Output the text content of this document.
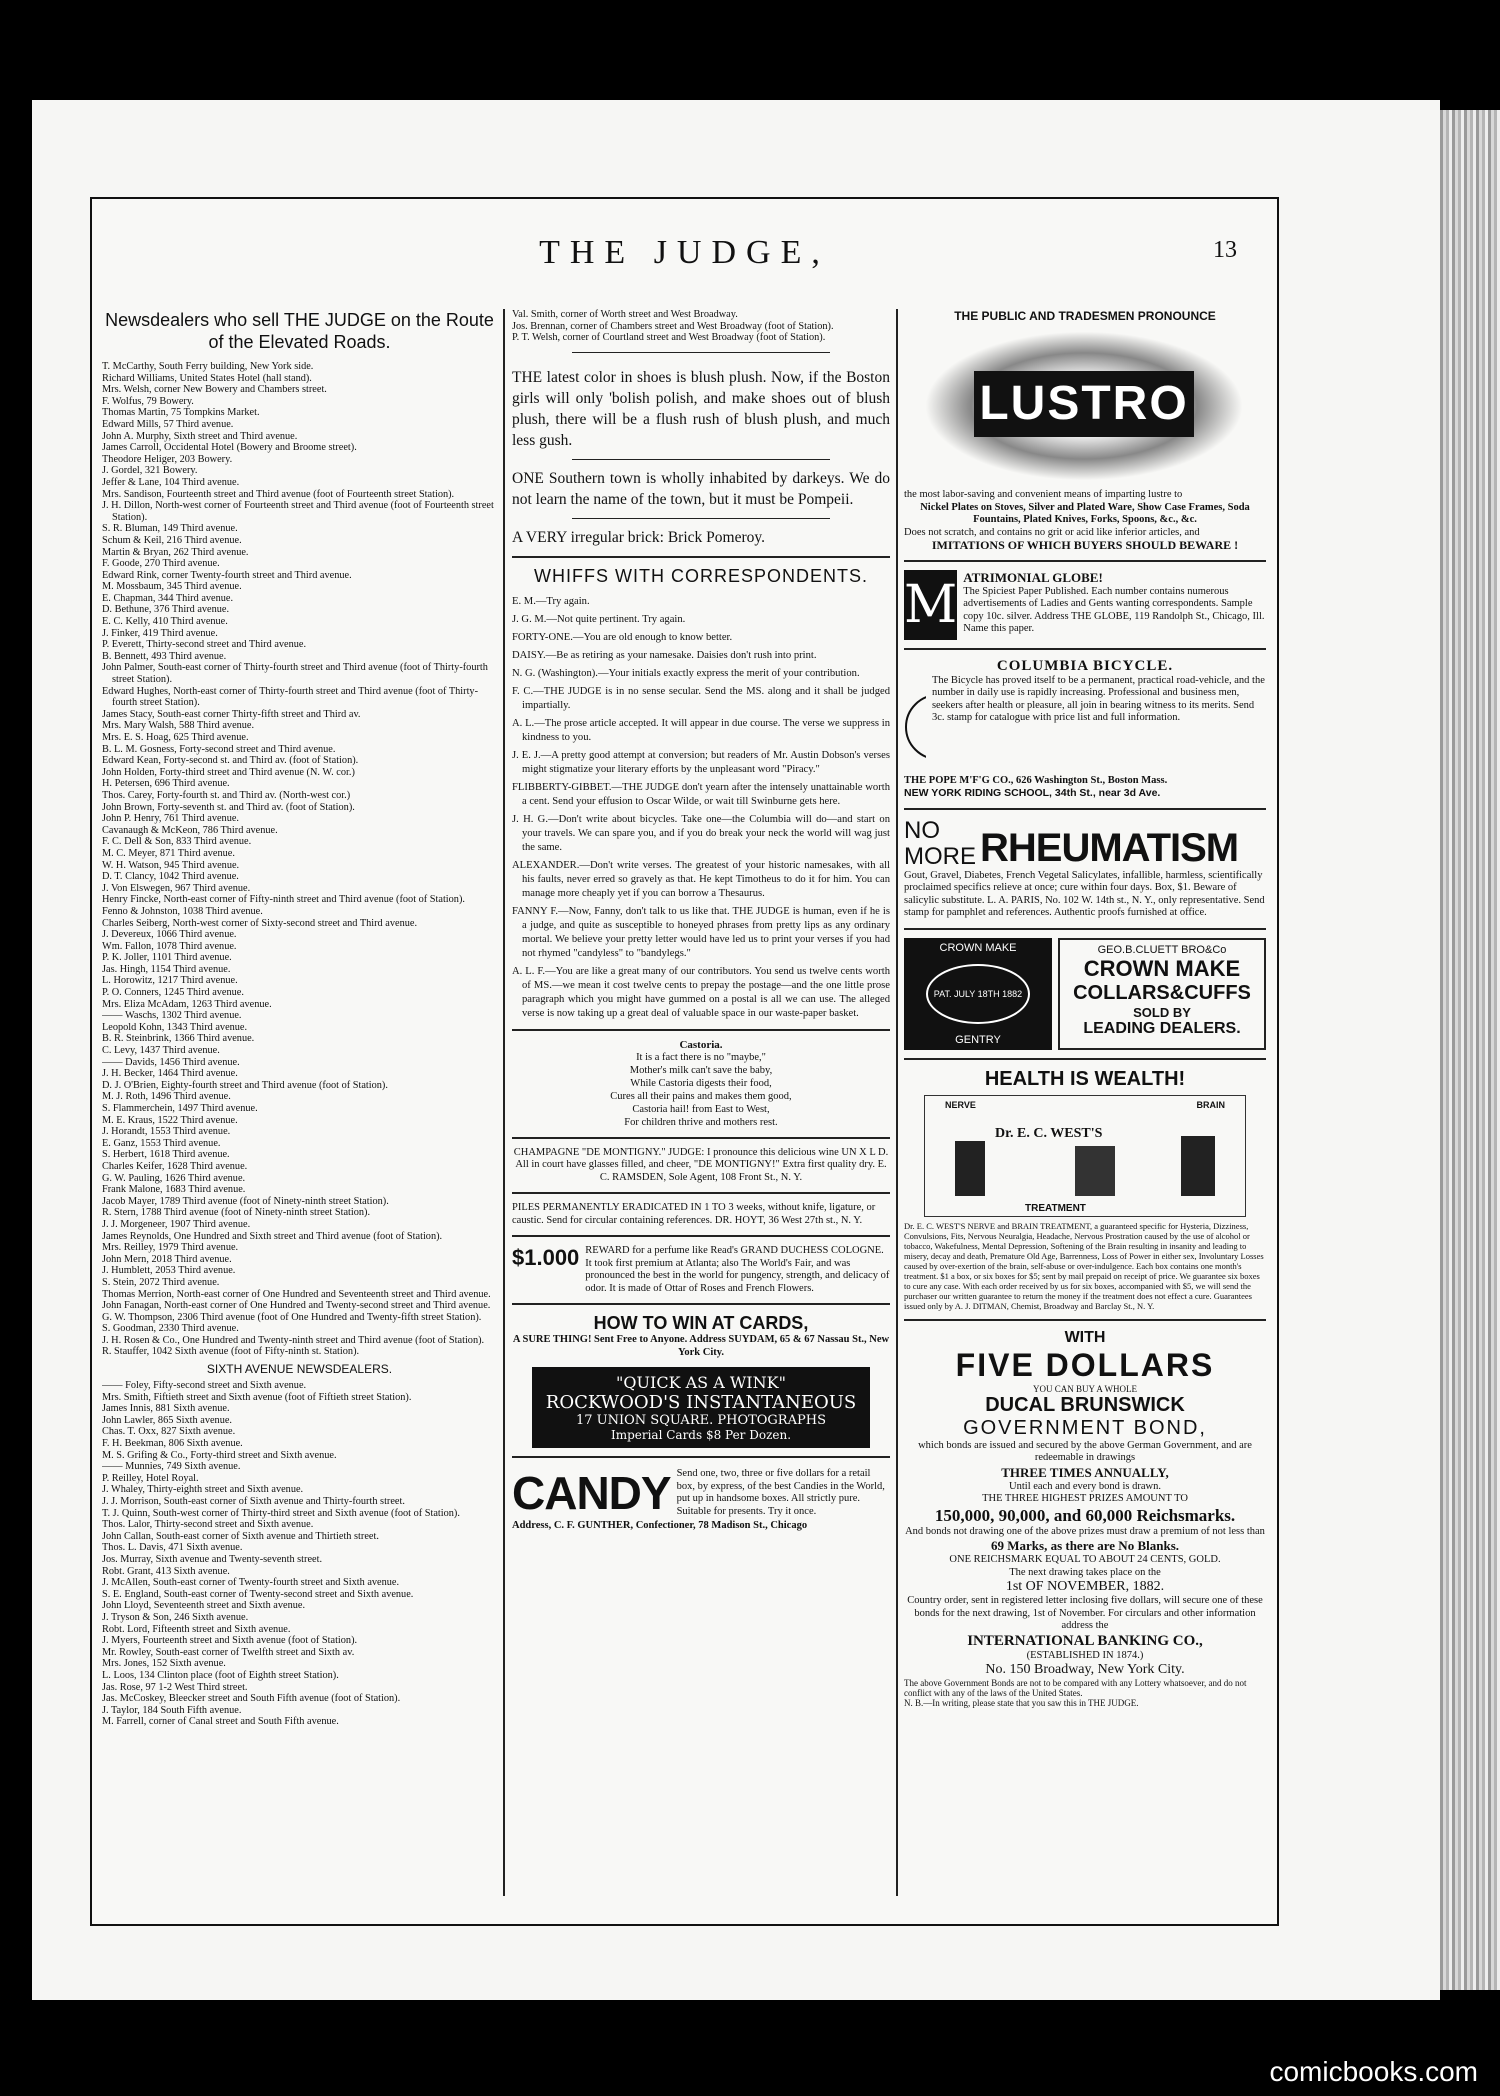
THE JUDGE,	13
Newsdealers who sell THE JUDGE on the Route of the Elevated Roads.

T. McCarthy, South Ferry building, New York side.

Richard Williams, United States Hotel (hall stand).

Mrs. Welsh, corner New Bowery and Chambers street.

F. Wolfus, 79 Bowery.

Thomas Martin, 75 Tompkins Market.

Edward Mills, 57 Third avenue.

John A. Murphy, Sixth street and Third avenue.

James Carroll, Occidental Hotel (Bowery and Broome street).

Theodore Heliger, 203 Bowery.

J. Gordel, 321 Bowery.

Jeffer & Lane, 104 Third avenue.

Mrs. Sandison, Fourteenth street and Third avenue (foot of Fourteenth street Station).

J. H. Dillon, North-west corner of Fourteenth street and Third avenue (foot of Fourteenth street Station).

S. R. Bluman, 149 Third avenue.

Schum & Keil, 216 Third avenue.

Martin & Bryan, 262 Third avenue.

F. Goode, 270 Third avenue.

Edward Rink, corner Twenty-fourth street and Third avenue.

M. Mossbaum, 345 Third avenue.

E. Chapman, 344 Third avenue.

D. Bethune, 376 Third avenue.

E. C. Kelly, 410 Third avenue.

J. Finker, 419 Third avenue.

P. Everett, Thirty-second street and Third avenue.

B. Bennett, 493 Third avenue.

John Palmer, South-east corner of Thirty-fourth street and Third avenue (foot of Thirty-fourth street Station).

Edward Hughes, North-east corner of Thirty-fourth street and Third avenue (foot of Thirty-fourth street Station).

James Stacy, South-east corner Thirty-fifth street and Third av.

Mrs. Mary Walsh, 588 Third avenue.

Mrs. E. S. Hoag, 625 Third avenue.

B. L. M. Gosness, Forty-second street and Third avenue.

Edward Kean, Forty-second st. and Third av. (foot of Station).

John Holden, Forty-third street and Third avenue (N. W. cor.)

H. Petersen, 696 Third avenue.

Thos. Carey, Forty-fourth st. and Third av. (North-west cor.)

John Brown, Forty-seventh st. and Third av. (foot of Station).

John P. Henry, 761 Third avenue.

Cavanaugh & McKeon, 786 Third avenue.

F. C. Dell & Son, 833 Third avenue.

M. C. Meyer, 871 Third avenue.

W. H. Watson, 945 Third avenue.

D. T. Clancy, 1042 Third avenue.

J. Von Elswegen, 967 Third avenue.

Henry Fincke, North-east corner of Fifty-ninth street and Third avenue (foot of Station).

Fenno & Johnston, 1038 Third avenue.

Charles Seiberg, North-west corner of Sixty-second street and Third avenue.

J. Devereux, 1066 Third avenue.

Wm. Fallon, 1078 Third avenue.

P. K. Joller, 1101 Third avenue.

Jas. Hingh, 1154 Third avenue.

L. Horowitz, 1217 Third avenue.

P. O. Conners, 1245 Third avenue.

Mrs. Eliza McAdam, 1263 Third avenue.

—— Waschs, 1302 Third avenue.

Leopold Kohn, 1343 Third avenue.

B. R. Steinbrink, 1366 Third avenue.

C. Levy, 1437 Third avenue.

—— Davids, 1456 Third avenue.

J. H. Becker, 1464 Third avenue.

D. J. O'Brien, Eighty-fourth street and Third avenue (foot of Station).

M. J. Roth, 1496 Third avenue.

S. Flammerchein, 1497 Third avenue.

M. E. Kraus, 1522 Third avenue.

J. Horandt, 1553 Third avenue.

E. Ganz, 1553 Third avenue.

S. Herbert, 1618 Third avenue.

Charles Keifer, 1628 Third avenue.

G. W. Pauling, 1626 Third avenue.

Frank Malone, 1683 Third avenue.

Jacob Mayer, 1789 Third avenue (foot of Ninety-ninth street Station).

R. Stern, 1788 Third avenue (foot of Ninety-ninth street Station).

J. J. Morgeneer, 1907 Third avenue.

James Reynolds, One Hundred and Sixth street and Third avenue (foot of Station).

Mrs. Reilley, 1979 Third avenue.

John Mern, 2018 Third avenue.

J. Humblett, 2053 Third avenue.

S. Stein, 2072 Third avenue.

Thomas Merrion, North-east corner of One Hundred and Seventeenth street and Third avenue.

John Fanagan, North-east corner of One Hundred and Twenty-second street and Third avenue.

G. W. Thompson, 2306 Third avenue (foot of One Hundred and Twenty-fifth street Station).

S. Goodman, 2330 Third avenue.

J. H. Rosen & Co., One Hundred and Twenty-ninth street and Third avenue (foot of Station).

R. Stauffer, 1042 Sixth avenue (foot of Fifty-ninth st. Station).

SIXTH AVENUE NEWSDEALERS.

—— Foley, Fifty-second street and Sixth avenue.

Mrs. Smith, Fiftieth street and Sixth avenue (foot of Fiftieth street Station).

James Innis, 881 Sixth avenue.

John Lawler, 865 Sixth avenue.

Chas. T. Oxx, 827 Sixth avenue.

F. H. Beekman, 806 Sixth avenue.

M. S. Grifing & Co., Forty-third street and Sixth avenue.

—— Munnies, 749 Sixth avenue.

P. Reilley, Hotel Royal.

J. Whaley, Thirty-eighth street and Sixth avenue.

J. J. Morrison, South-east corner of Sixth avenue and Thirty-fourth street.

T. J. Quinn, South-west corner of Thirty-third street and Sixth avenue (foot of Station).

Thos. Lalor, Thirty-second street and Sixth avenue.

John Callan, South-east corner of Sixth avenue and Thirtieth street.

Thos. L. Davis, 471 Sixth avenue.

Jos. Murray, Sixth avenue and Twenty-seventh street.

Robt. Grant, 413 Sixth avenue.

J. McAllen, South-east corner of Twenty-fourth street and Sixth avenue.

S. E. England, South-east corner of Twenty-second street and Sixth avenue.

John Lloyd, Seventeenth street and Sixth avenue.

J. Tryson & Son, 246 Sixth avenue.

Robt. Lord, Fifteenth street and Sixth avenue.

J. Myers, Fourteenth street and Sixth avenue (foot of Station).

Mr. Rowley, South-east corner of Twelfth street and Sixth av.

Mrs. Jones, 152 Sixth avenue.

L. Loos, 134 Clinton place (foot of Eighth street Station).

Jas. Rose, 97 1-2 West Third street.

Jas. McCoskey, Bleecker street and South Fifth avenue (foot of Station).

J. Taylor, 184 South Fifth avenue.

M. Farrell, corner of Canal street and South Fifth avenue.

Val. Smith, corner of Worth street and West Broadway.

Jos. Brennan, corner of Chambers street and West Broadway (foot of Station).

P. T. Welsh, corner of Courtland street and West Broadway (foot of Station).

THE latest color in shoes is blush plush. Now, if the Boston girls will only 'bolish polish, and make shoes out of blush plush, there will be a flush rush of blush plush, and much less gush.

ONE Southern town is wholly inhabited by darkeys. We do not learn the name of the town, but it must be Pompeii.

A VERY irregular brick: Brick Pomeroy.

WHIFFS WITH CORRESPONDENTS.

E. M.—Try again.

J. G. M.—Not quite pertinent. Try again.

FORTY-ONE.—You are old enough to know better.

DAISY.—Be as retiring as your namesake. Daisies don't rush into print.

N. G. (Washington).—Your initials exactly express the merit of your contribution.

F. C.—THE JUDGE is in no sense secular. Send the MS. along and it shall be judged impartially.

A. L.—The prose article accepted. It will appear in due course. The verse we suppress in kindness to you.

J. E. J.—A pretty good attempt at conversion; but readers of Mr. Austin Dobson's verses might stigmatize your literary efforts by the unpleasant word "Piracy."

FLIBBERTY-GIBBET.—THE JUDGE don't yearn after the intensely unattainable worth a cent. Send your effusion to Oscar Wilde, or wait till Swinburne gets here.

J. H. G.—Don't write about bicycles. Take one—the Columbia will do—and start on your travels. We can spare you, and if you do break your neck the world will wag just the same.

ALEXANDER.—Don't write verses. The greatest of your historic namesakes, with all his faults, never erred so gravely as that. He kept Timotheus to do it for him. You can manage more cheaply yet if you can borrow a Thesaurus.

FANNY F.—Now, Fanny, don't talk to us like that. THE JUDGE is human, even if he is a judge, and quite as susceptible to honeyed phrases from pretty lips as any ordinary mortal. We believe your pretty letter would have led us to print your verses if you had not rhymed "candyless" to "bandylegs."

A. L. F.—You are like a great many of our contributors. You send us twelve cents worth of MS.—we mean it cost twelve cents to prepay the postage—and the one little prose paragraph which you might have gummed on a postal is all we can use. The alleged verse is now taking up a great deal of valuable space in our waste-paper basket.

Castoria.
It is a fact there is no "maybe,"
Mother's milk can't save the baby,
While Castoria digests their food,
Cures all their pains and makes them good,
Castoria hail! from East to West,
For children thrive and mothers rest.
CHAMPAGNE "DE MONTIGNY." JUDGE: I pronounce this delicious wine UN X L D. All in court have glasses filled, and cheer, "DE MONTIGNY!" Extra first quality dry. E. C. RAMSDEN, Sole Agent, 108 Front St., N. Y.
PILES PERMANENTLY ERADICATED IN 1 TO 3 weeks, without knife, ligature, or caustic. Send for circular containing references. DR. HOYT, 36 West 27th st., N. Y.
$1.000 REWARD for a perfume like Read's GRAND DUCHESS COLOGNE. It took first premium at Atlanta; also The World's Fair, and was pronounced the best in the world for pungency, strength, and delicacy of odor. It is made of Ottar of Roses and French Flowers.
HOW TO WIN AT CARDS,
A SURE THING! Sent Free to Anyone. Address SUYDAM, 65 & 67 Nassau St., New York City.
"QUICK AS A WINK"
ROCKWOOD'S INSTANTANEOUS
17 UNION SQUARE. PHOTOGRAPHS
Imperial Cards $8 Per Dozen.
CANDY Send one, two, three or five dollars for a retail box, by express, of the best Candies in the World, put up in handsome boxes. All strictly pure. Suitable for presents. Try it once.
Address, C. F. GUNTHER, Confectioner, 78 Madison St., Chicago
THE PUBLIC AND TRADESMEN PRONOUNCE
LUSTRO
the most labor-saving and convenient means of imparting lustre to
Nickel Plates on Stoves, Silver and Plated Ware, Show Case Frames, Soda Fountains, Plated Knives, Forks, Spoons, &c., &c.
Does not scratch, and contains no grit or acid like inferior articles, and
IMITATIONS OF WHICH BUYERS SHOULD BEWARE !
M ATRIMONIAL GLOBE!
The Spiciest Paper Published. Each number contains numerous advertisements of Ladies and Gents wanting correspondents. Sample copy 10c. silver. Address THE GLOBE, 119 Randolph St., Chicago, Ill. Name this paper.
COLUMBIA BICYCLE.
The Bicycle has proved itself to be a permanent, practical road-vehicle, and the number in daily use is rapidly increasing. Professional and business men, seekers after health or pleasure, all join in bearing witness to its merits. Send 3c. stamp for catalogue with price list and full information.
THE POPE M'F'G CO., 626 Washington St., Boston Mass.
NEW YORK RIDING SCHOOL, 34th St., near 3d Ave.
NO
MORE RHEUMATISM
Gout, Gravel, Diabetes, French Vegetal Salicylates, infallible, harmless, scientifically proclaimed specifics relieve at once; cure within four days. Box, $1. Beware of salicylic substitute. L. A. PARIS, No. 102 W. 14th st., N. Y., only representative. Send stamp for pamphlet and references. Authentic proofs furnished at office.
CROWN MAKE
PAT. JULY 18TH 1882
GENTRY
GEO.B.CLUETT BRO&Co
CROWN MAKE
COLLARS&CUFFS
SOLD BY
LEADING DEALERS.
HEALTH IS WEALTH!
NERVE
Dr. E. C. WEST'S
BRAIN
TREATMENT
Dr. E. C. WEST'S NERVE and BRAIN TREATMENT, a guaranteed specific for Hysteria, Dizziness, Convulsions, Fits, Nervous Neuralgia, Headache, Nervous Prostration caused by the use of alcohol or tobacco, Wakefulness, Mental Depression, Softening of the Brain resulting in insanity and leading to misery, decay and death, Premature Old Age, Barrenness, Loss of Power in either sex, Involuntary Losses caused by over-exertion of the brain, self-abuse or over-indulgence. Each box contains one month's treatment. $1 a box, or six boxes for $5; sent by mail prepaid on receipt of price. We guarantee six boxes to cure any case. With each order received by us for six boxes, accompanied with $5, we will send the purchaser our written guarantee to return the money if the treatment does not effect a cure. Guarantees issued only by A. J. DITMAN, Chemist, Broadway and Barclay St., N. Y.
WITH
FIVE DOLLARS
YOU CAN BUY A WHOLE
DUCAL BRUNSWICK
GOVERNMENT BOND,
which bonds are issued and secured by the above German Government, and are redeemable in drawings
THREE TIMES ANNUALLY,
Until each and every bond is drawn.
THE THREE HIGHEST PRIZES AMOUNT TO
150,000, 90,000, and 60,000 Reichsmarks.
And bonds not drawing one of the above prizes must draw a premium of not less than
69 Marks, as there are No Blanks.
ONE REICHSMARK EQUAL TO ABOUT 24 CENTS, GOLD.
The next drawing takes place on the
1st OF NOVEMBER, 1882.
Country order, sent in registered letter inclosing five dollars, will secure one of these bonds for the next drawing, 1st of November. For circulars and other information address the
INTERNATIONAL BANKING CO.,
(ESTABLISHED IN 1874.)
No. 150 Broadway, New York City.
The above Government Bonds are not to be compared with any Lottery whatsoever, and do not conflict with any of the laws of the United States.
N. B.—In writing, please state that you saw this in THE JUDGE.
comicbooks.com
